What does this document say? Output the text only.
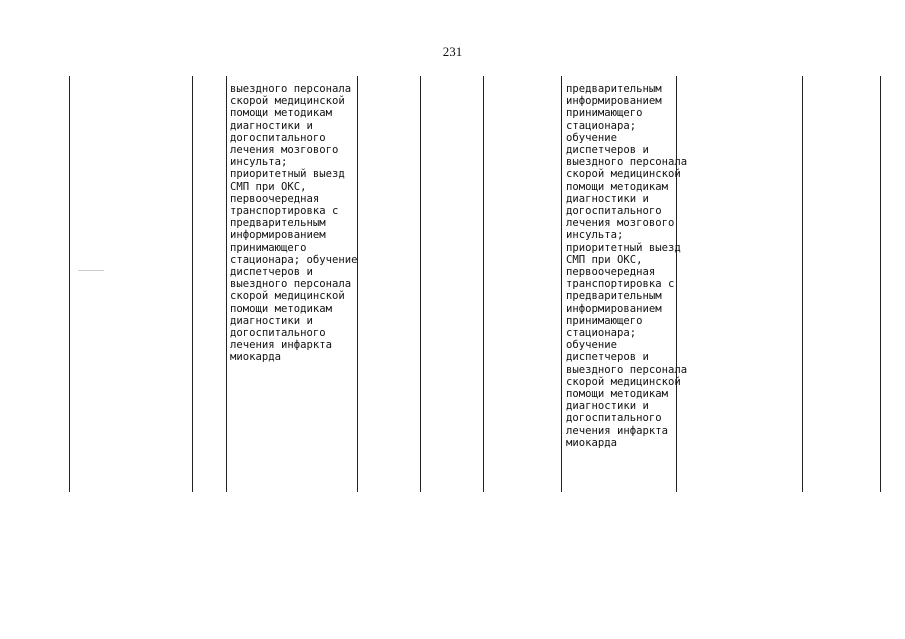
231
выездного персонала
скорой медицинской
помощи методикам
диагностики и
догоспитального
лечения мозгового
инсульта;
приоритетный выезд
СМП при ОКС,
первоочередная
транспортировка с
предварительным
информированием
принимающего
стационара; обучение
диспетчеров и
выездного персонала
скорой медицинской
помощи методикам
диагностики и
догоспитального
лечения инфаркта
миокарда
предварительным
информированием
принимающего
стационара;
обучение
диспетчеров и
выездного персонала
скорой медицинской
помощи методикам
диагностики и
догоспитального
лечения мозгового
инсульта;
приоритетный выезд
СМП при ОКС,
первоочередная
транспортировка с
предварительным
информированием
принимающего
стационара;
обучение
диспетчеров и
выездного персонала
скорой медицинской
помощи методикам
диагностики и
догоспитального
лечения инфаркта
миокарда
